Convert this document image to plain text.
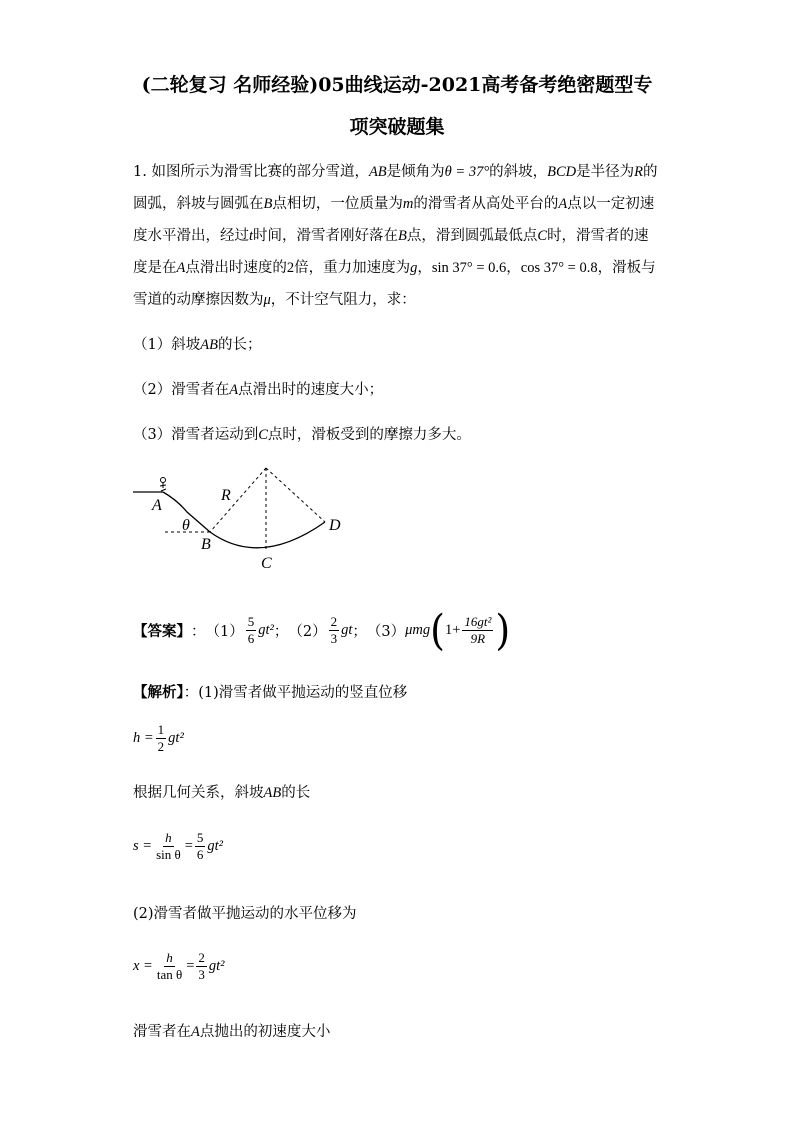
(二轮复习 名师经验)05曲线运动-2021高考备考绝密题型专
项突破题集
1. 如图所示为滑雪比赛的部分雪道，AB是倾角为θ = 37°的斜坡，BCD是半径为R的圆弧，斜坡与圆弧在B点相切，一位质量为m的滑雪者从高处平台的A点以一定初速度水平滑出，经过t时间，滑雪者刚好落在B点，滑到圆弧最低点C时，滑雪者的速度是在A点滑出时速度的2倍，重力加速度为g，sin 37° = 0.6，cos 37° = 0.8，滑板与雪道的动摩擦因数为μ，不计空气阻力，求：
（1）斜坡AB的长；
（2）滑雪者在A点滑出时的速度大小；
（3）滑雪者运动到C点时，滑板受到的摩擦力多大。
A
θ
B
R
C
D
【答案】 ： $(1) \frac{5}{6} gt^2$ ； $(2) \frac{2}{3}$ gt ； （3） μmg ( $1+ \frac{\text{16gt²}}{9R}$ )
【解析】：(1)滑雪者做平抛运动的竖直位移
$h = \frac{1}{2} gt^2$
根据几何关系，斜坡AB的长
$s = \frac{h}{\text{sin θ}} = \frac{5}{6} gt^2$
(2)滑雪者做平抛运动的水平位移为
$x = \frac{h}{\text{tan θ}} = \frac{2}{3} gt^2$
滑雪者在A点抛出的初速度大小
